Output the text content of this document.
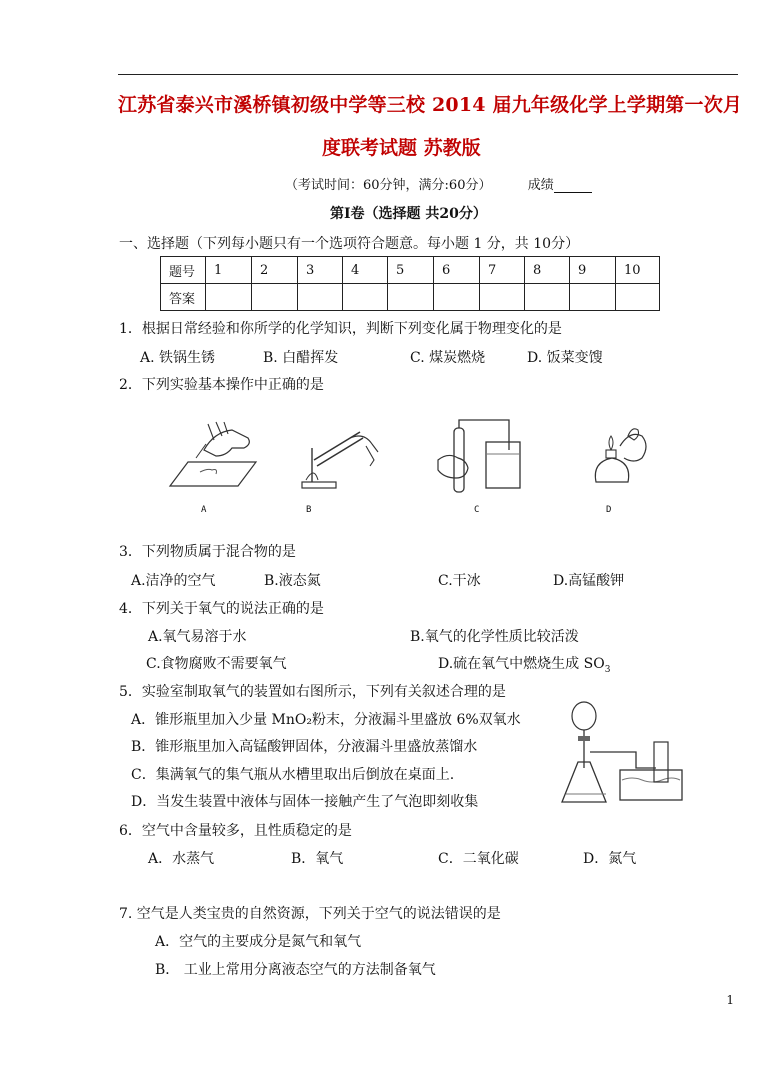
江苏省泰兴市溪桥镇初级中学等三校 2014 届九年级化学上学期第一次月
度联考试题 苏教版
（考试时间：60分钟，满分:60分）	成绩
第Ⅰ卷（选择题 共20分）
一、选择题（下列每小题只有一个选项符合题意。每小题 1 分，共 10分）
题号	1	2	3	4	5	6	7	8	9	10
答案										
1．根据日常经验和你所学的化学知识，判断下列变化属于物理变化的是
A. 铁锅生锈	B. 白醋挥发	C. 煤炭燃烧	D. 饭菜变馊
2．下列实验基本操作中正确的是
A	B	C	D
3．下列物质属于混合物的是
A.洁净的空气	B.液态氮	C.干冰	D.高锰酸钾
4．下列关于氧气的说法正确的是
A.氧气易溶于水	B.氧气的化学性质比较活泼
C.食物腐败不需要氧气	D.硫在氧气中燃烧生成 $SO_3$
5．实验室制取氧气的装置如右图所示，下列有关叙述合理的是
A．锥形瓶里加入少量 MnO₂粉末，分液漏斗里盛放 6%双氧水
B．锥形瓶里加入高锰酸钾固体，分液漏斗里盛放蒸馏水
C．集满氧气的集气瓶从水槽里取出后倒放在桌面上.
D．当发生装置中液体与固体一接触产生了气泡即刻收集
6．空气中含量较多，且性质稳定的是
A．水蒸气	B．氧气	C．二氧化碳	D．氮气
7. 空气是人类宝贵的自然资源，下列关于空气的说法错误的是
A．空气的主要成分是氮气和氧气
B． 工业上常用分离液态空气的方法制备氧气
1
